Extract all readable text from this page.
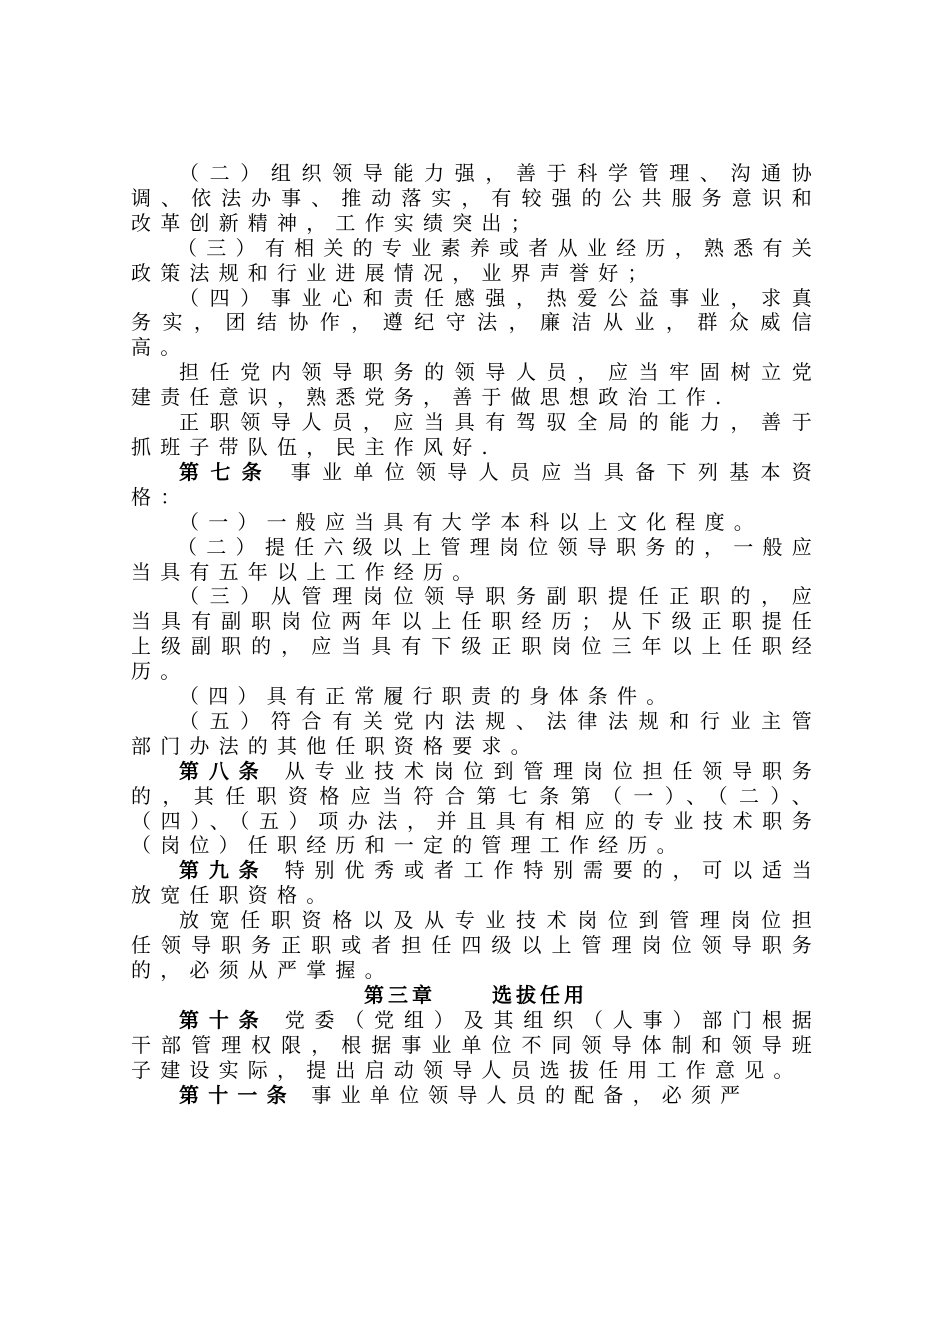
（二）组织领导能力强，善于科学管理、沟通协调、依法办事、推动落实，有较强的公共服务意识和改革创新精神，工作实绩突出；

（三）有相关的专业素养或者从业经历，熟悉有关政策法规和行业进展情况，业界声誉好；

（四）事业心和责任感强，热爱公益事业，求真务实，团结协作，遵纪守法，廉洁从业，群众威信高。

担任党内领导职务的领导人员，应当牢固树立党建责任意识，熟悉党务，善于做思想政治工作.

正职领导人员，应当具有驾驭全局的能力，善于抓班子带队伍，民主作风好.

第七条 事业单位领导人员应当具备下列基本资格：

（一）一般应当具有大学本科以上文化程度。

（二）提任六级以上管理岗位领导职务的，一般应当具有五年以上工作经历。

（三）从管理岗位领导职务副职提任正职的，应当具有副职岗位两年以上任职经历；从下级正职提任上级副职的，应当具有下级正职岗位三年以上任职经历。

（四）具有正常履行职责的身体条件。

（五）符合有关党内法规、法律法规和行业主管部门办法的其他任职资格要求。

第八条 从专业技术岗位到管理岗位担任领导职务的，其任职资格应当符合第七条第（一）、（二）、（四）、（五）项办法，并且具有相应的专业技术职务（岗位）任职经历和一定的管理工作经历。

第九条 特别优秀或者工作特别需要的，可以适当放宽任职资格。

放宽任职资格以及从专业技术岗位到管理岗位担任领导职务正职或者担任四级以上管理岗位领导职务的，必须从严掌握。

第三章	选拔任用

第十条 党委（党组）及其组织（人事）部门根据干部管理权限，根据事业单位不同领导体制和领导班子建设实际，提出启动领导人员选拔任用工作意见。

第十一条 事业单位领导人员的配备，必须严
